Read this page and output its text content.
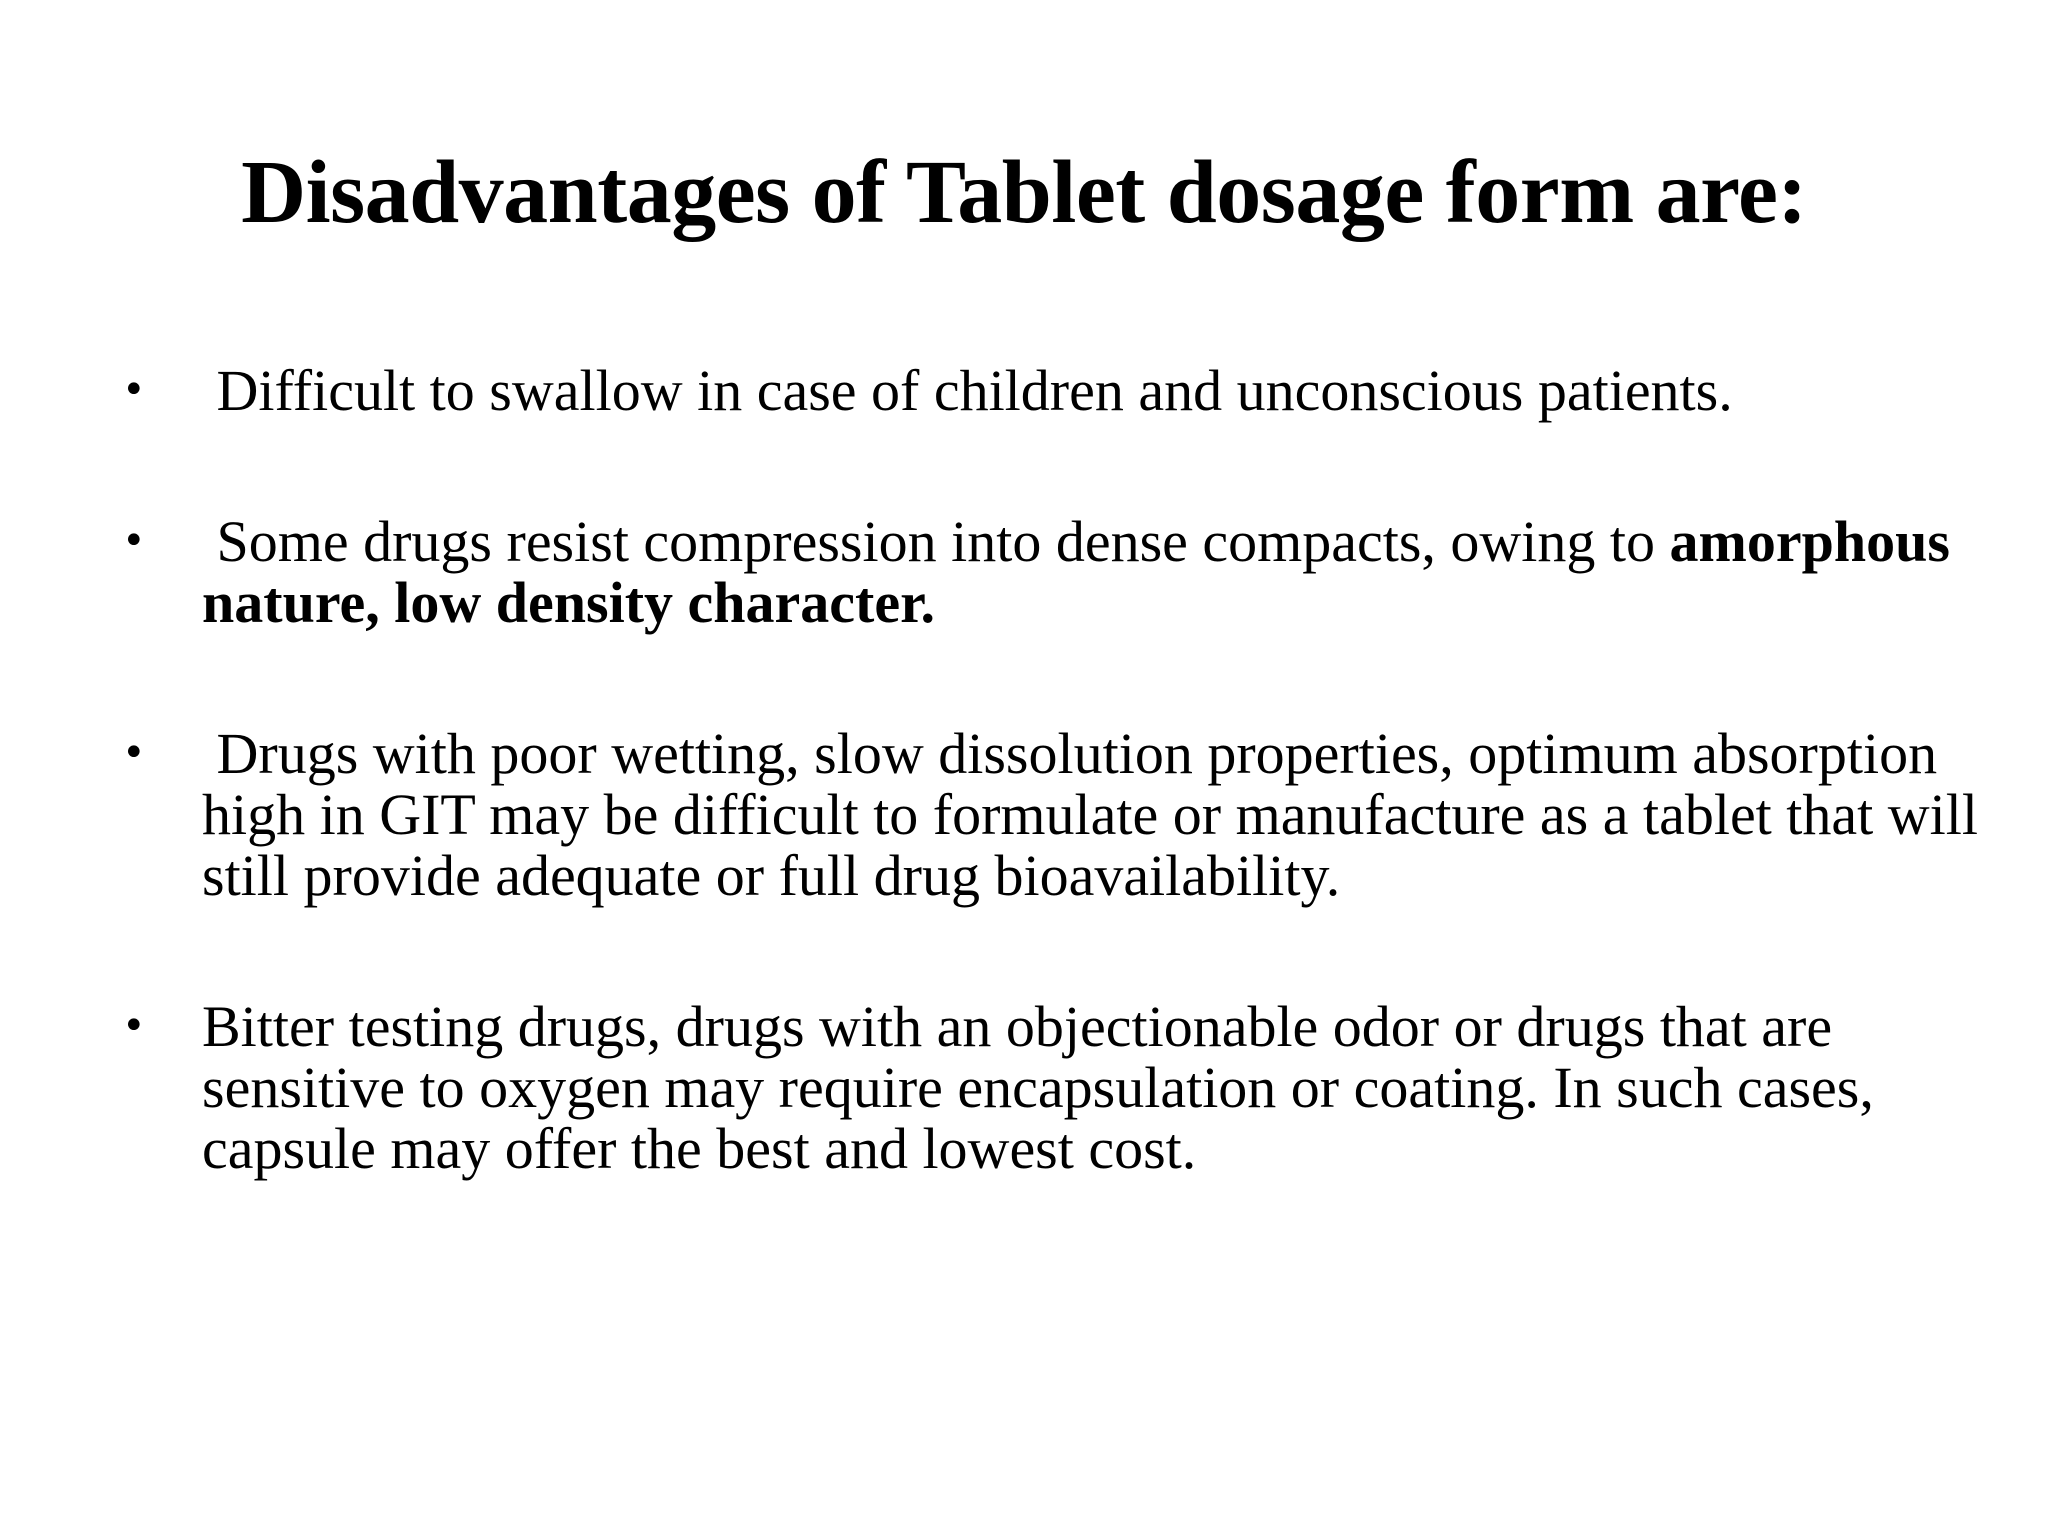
Disadvantages of Tablet dosage form are:
• Difficult to swallow in case of children and unconscious patients.
• Some drugs resist compression into dense compacts, owing to amorphous nature, low density character.
• Drugs with poor wetting, slow dissolution properties, optimum absorption high in GIT may be difficult to formulate or manufacture as a tablet that will still provide adequate or full drug bioavailability.
• Bitter testing drugs, drugs with an objectionable odor or drugs that are sensitive to oxygen may require encapsulation or coating. In such cases, capsule may offer the best and lowest cost.
